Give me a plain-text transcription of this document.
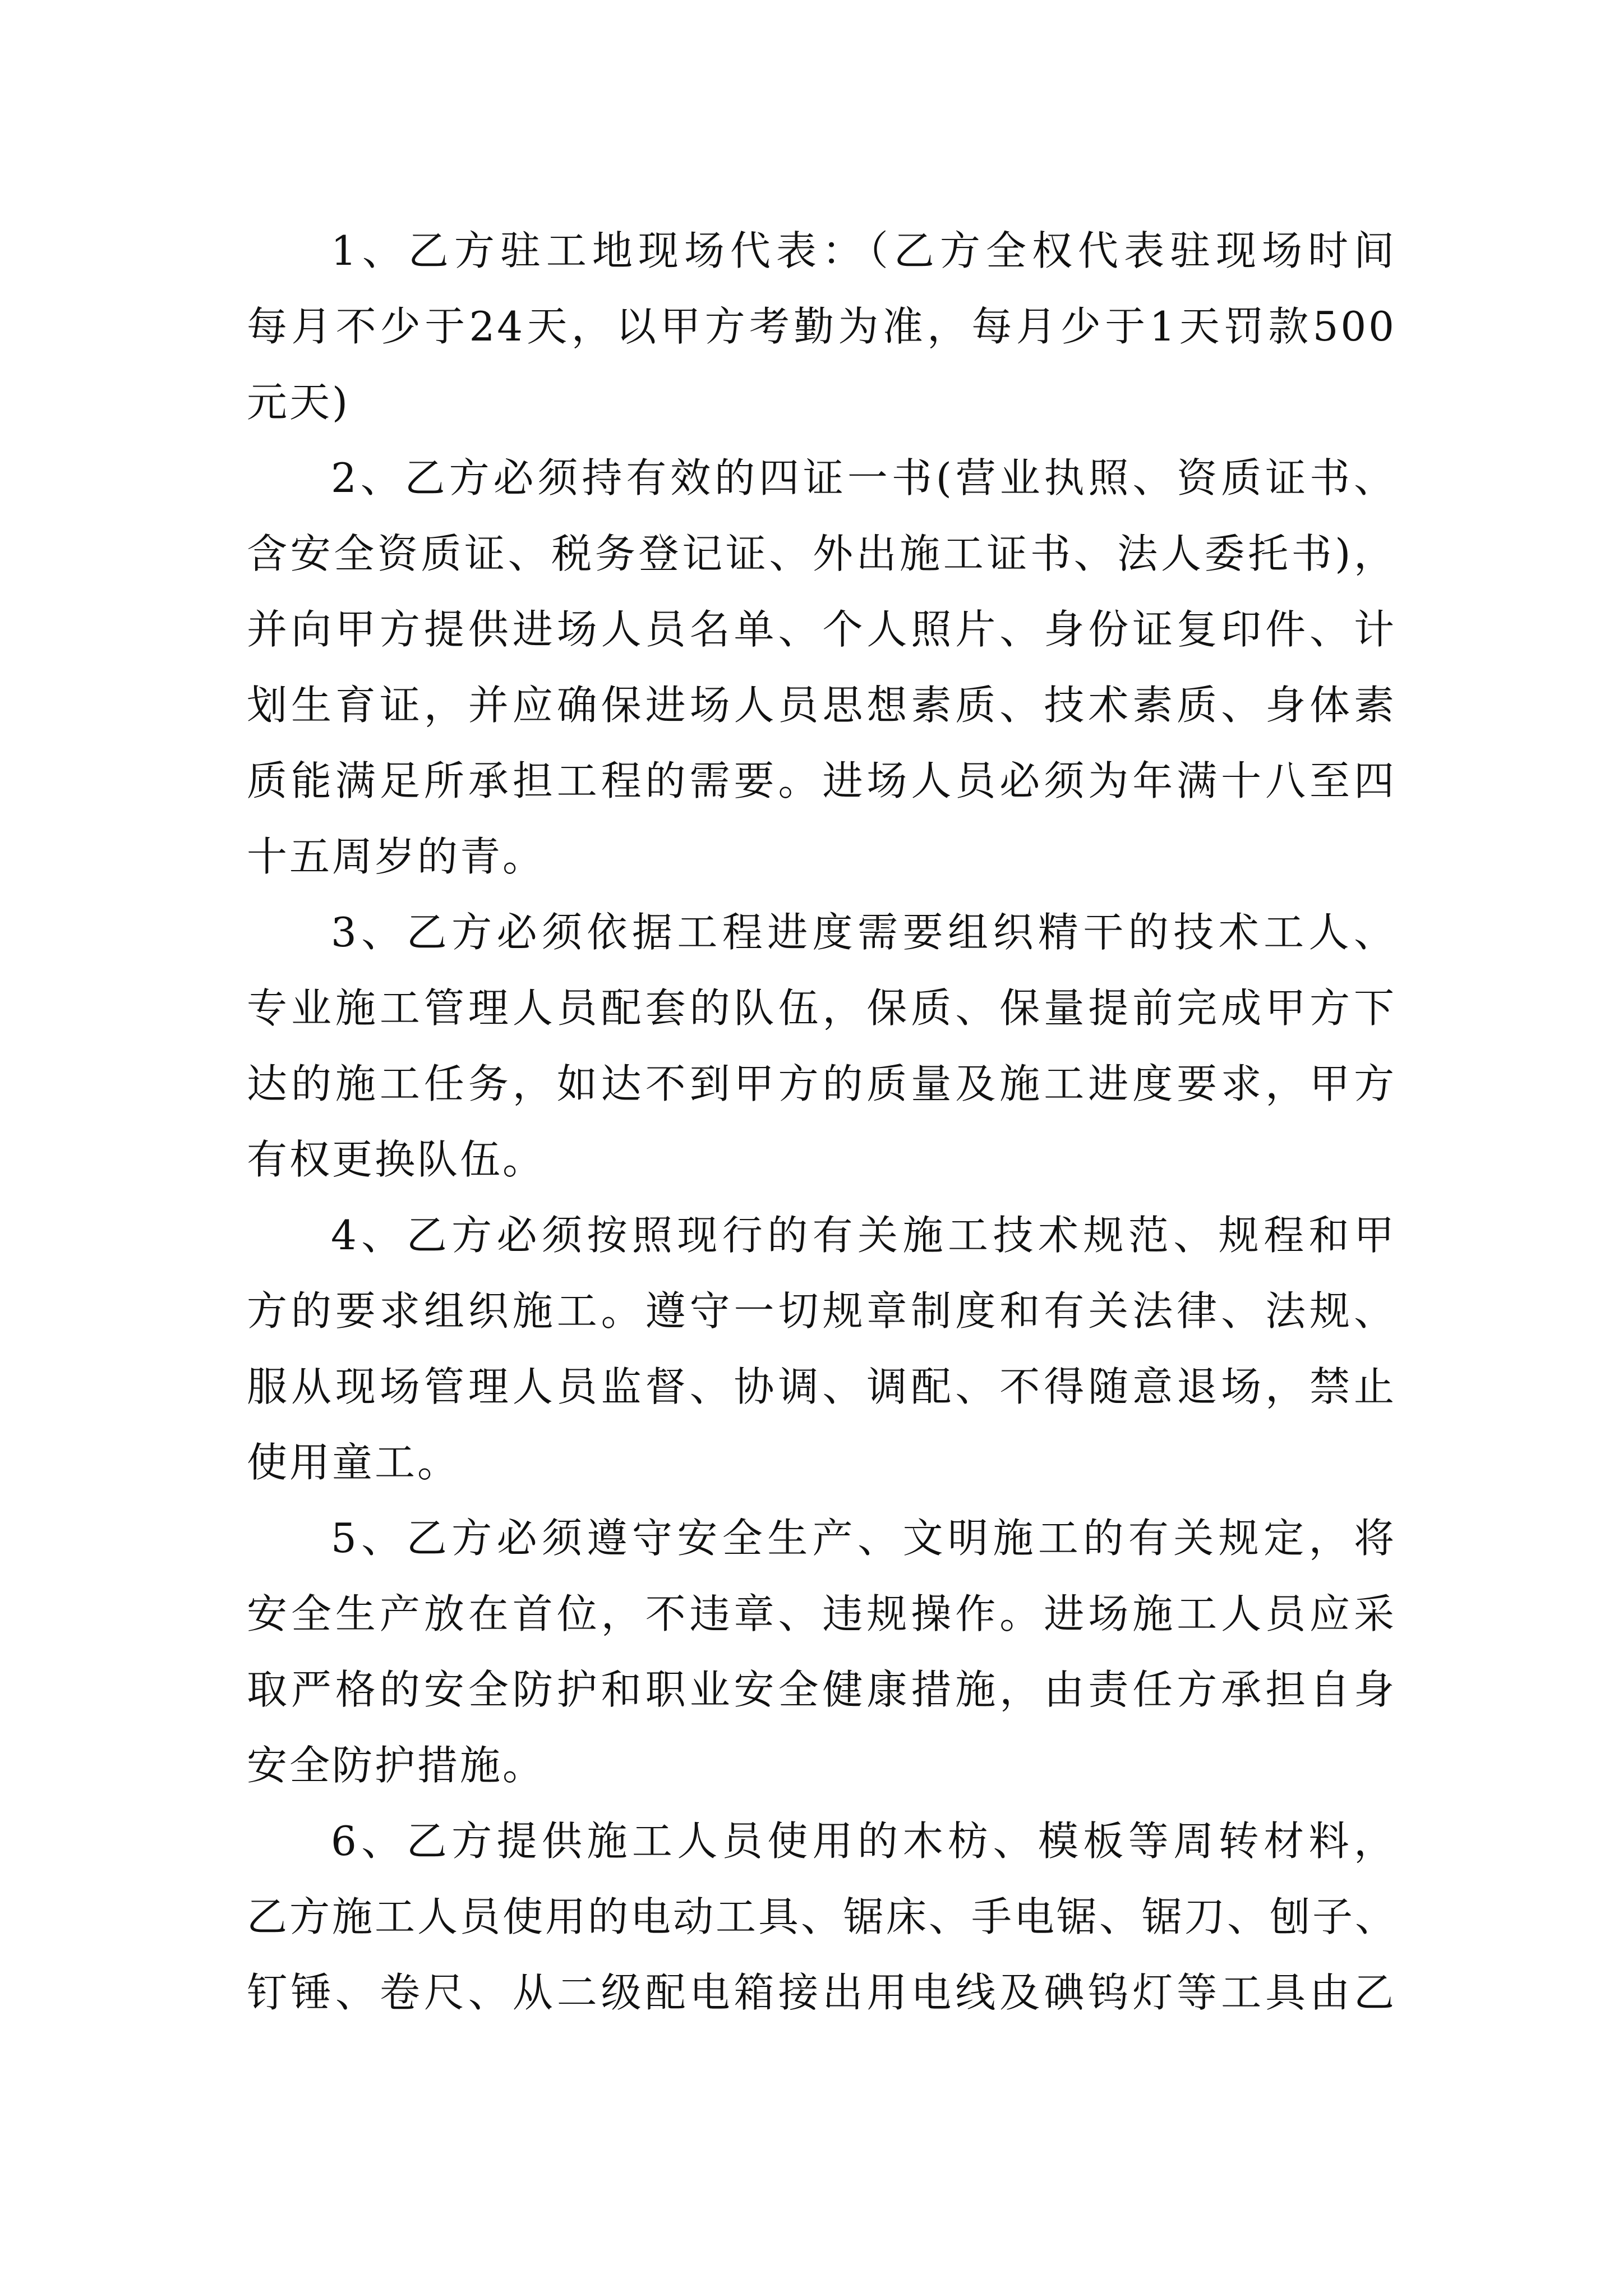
1、乙方驻工地现场代表：（乙方全权代表驻现场时间
每月不少于24天，以甲方考勤为准，每月少于1天罚款500
元天)
2、乙方必须持有效的四证一书(营业执照、资质证书、
含安全资质证、税务登记证、外出施工证书、法人委托书)，
并向甲方提供进场人员名单、个人照片、身份证复印件、计
划生育证，并应确保进场人员思想素质、技术素质、身体素
质能满足所承担工程的需要。进场人员必须为年满十八至四
十五周岁的青。
3、乙方必须依据工程进度需要组织精干的技术工人、
专业施工管理人员配套的队伍，保质、保量提前完成甲方下
达的施工任务，如达不到甲方的质量及施工进度要求，甲方
有权更换队伍。
4、乙方必须按照现行的有关施工技术规范、规程和甲
方的要求组织施工。遵守一切规章制度和有关法律、法规、
服从现场管理人员监督、协调、调配、不得随意退场，禁止
使用童工。
5、乙方必须遵守安全生产、文明施工的有关规定，将
安全生产放在首位，不违章、违规操作。进场施工人员应采
取严格的安全防护和职业安全健康措施，由责任方承担自身
安全防护措施。
6、乙方提供施工人员使用的木枋、模板等周转材料，
乙方施工人员使用的电动工具、锯床、手电锯、锯刀、刨子、
钉锤、卷尺、从二级配电箱接出用电线及碘钨灯等工具由乙
